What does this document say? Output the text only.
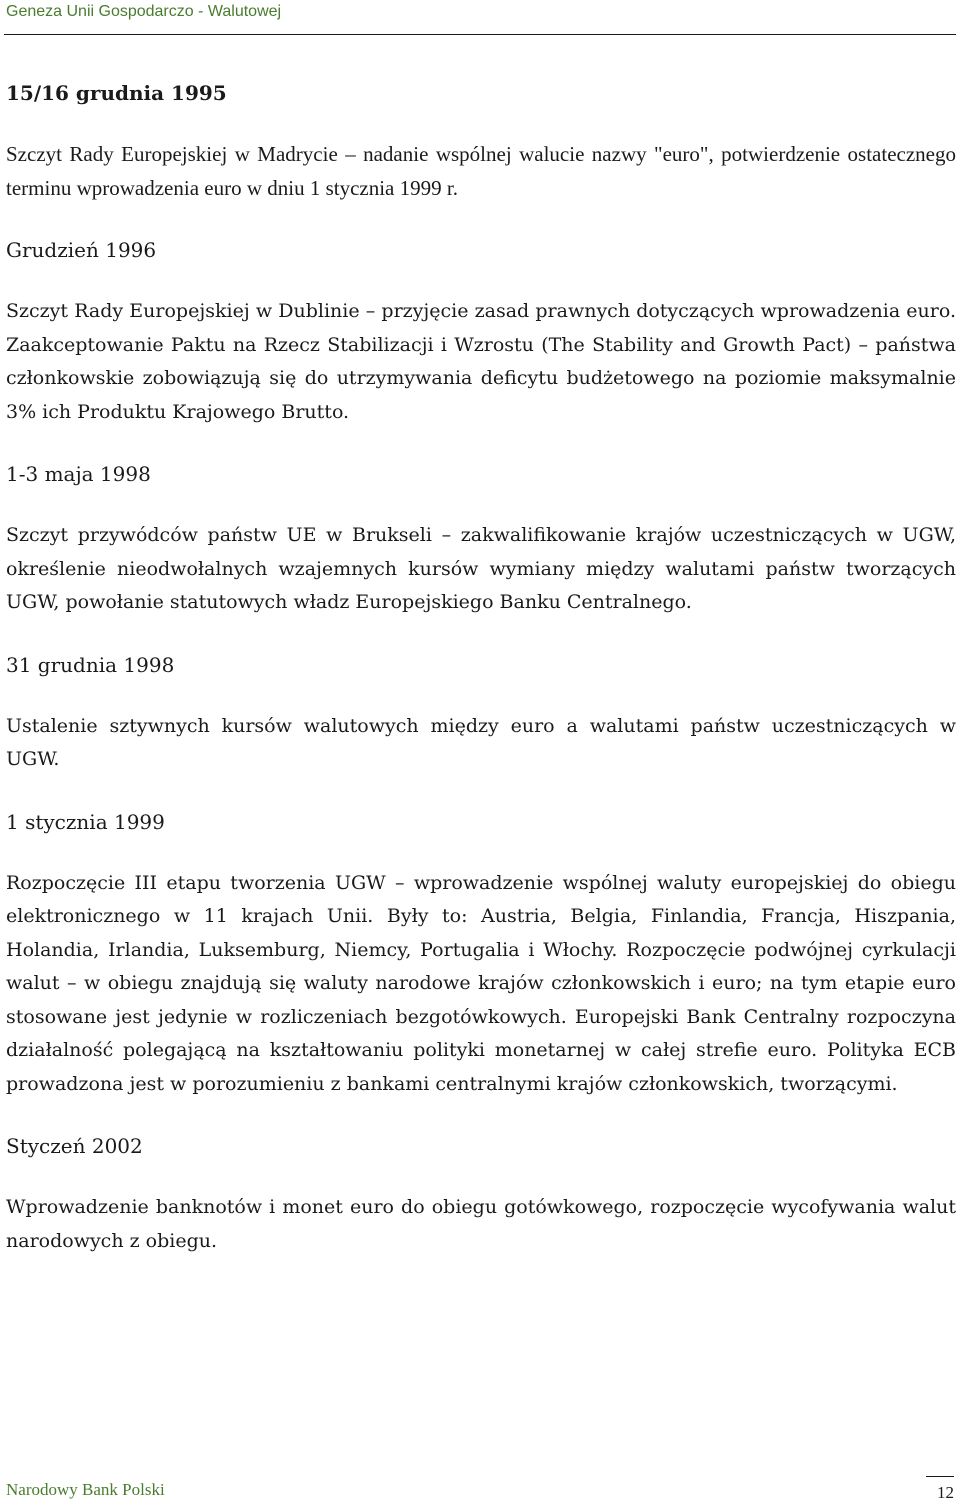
Geneza Unii Gospodarczo - Walutowej
15/16 grudnia 1995

Szczyt Rady Europejskiej w Madrycie – nadanie wspólnej walucie nazwy "euro", potwierdzenie ostatecznego terminu wprowadzenia euro w dniu 1 stycznia 1999 r.

Grudzień 1996

Szczyt Rady Europejskiej w Dublinie – przyjęcie zasad prawnych dotyczących wprowadzenia euro. Zaakceptowanie Paktu na Rzecz Stabilizacji i Wzrostu (The Stability and Growth Pact) – państwa członkowskie zobowiązują się do utrzymywania deficytu budżetowego na poziomie maksymalnie 3% ich Produktu Krajowego Brutto.

1-3 maja 1998

Szczyt przywódców państw UE w Brukseli – zakwalifikowanie krajów uczestniczących w UGW, określenie nieodwołalnych wzajemnych kursów wymiany między walutami państw tworzących UGW, powołanie statutowych władz Europejskiego Banku Centralnego.

31 grudnia 1998

Ustalenie sztywnych kursów walutowych między euro a walutami państw uczestniczących w UGW.

1 stycznia 1999

Rozpoczęcie III etapu tworzenia UGW – wprowadzenie wspólnej waluty europejskiej do obiegu elektronicznego w 11 krajach Unii. Były to: Austria, Belgia, Finlandia, Francja, Hiszpania, Holandia, Irlandia, Luksemburg, Niemcy, Portugalia i Włochy. Rozpoczęcie podwójnej cyrkulacji walut – w obiegu znajdują się waluty narodowe krajów członkowskich i euro; na tym etapie euro stosowane jest jedynie w rozliczeniach bezgotówkowych. Europejski Bank Centralny rozpoczyna działalność polegającą na kształtowaniu polityki monetarnej w całej strefie euro. Polityka ECB prowadzona jest w porozumieniu z bankami centralnymi krajów członkowskich, tworzącymi.

Styczeń 2002

Wprowadzenie banknotów i monet euro do obiegu gotówkowego, rozpoczęcie wycofywania walut narodowych z obiegu.

Narodowy Bank Polski	12
